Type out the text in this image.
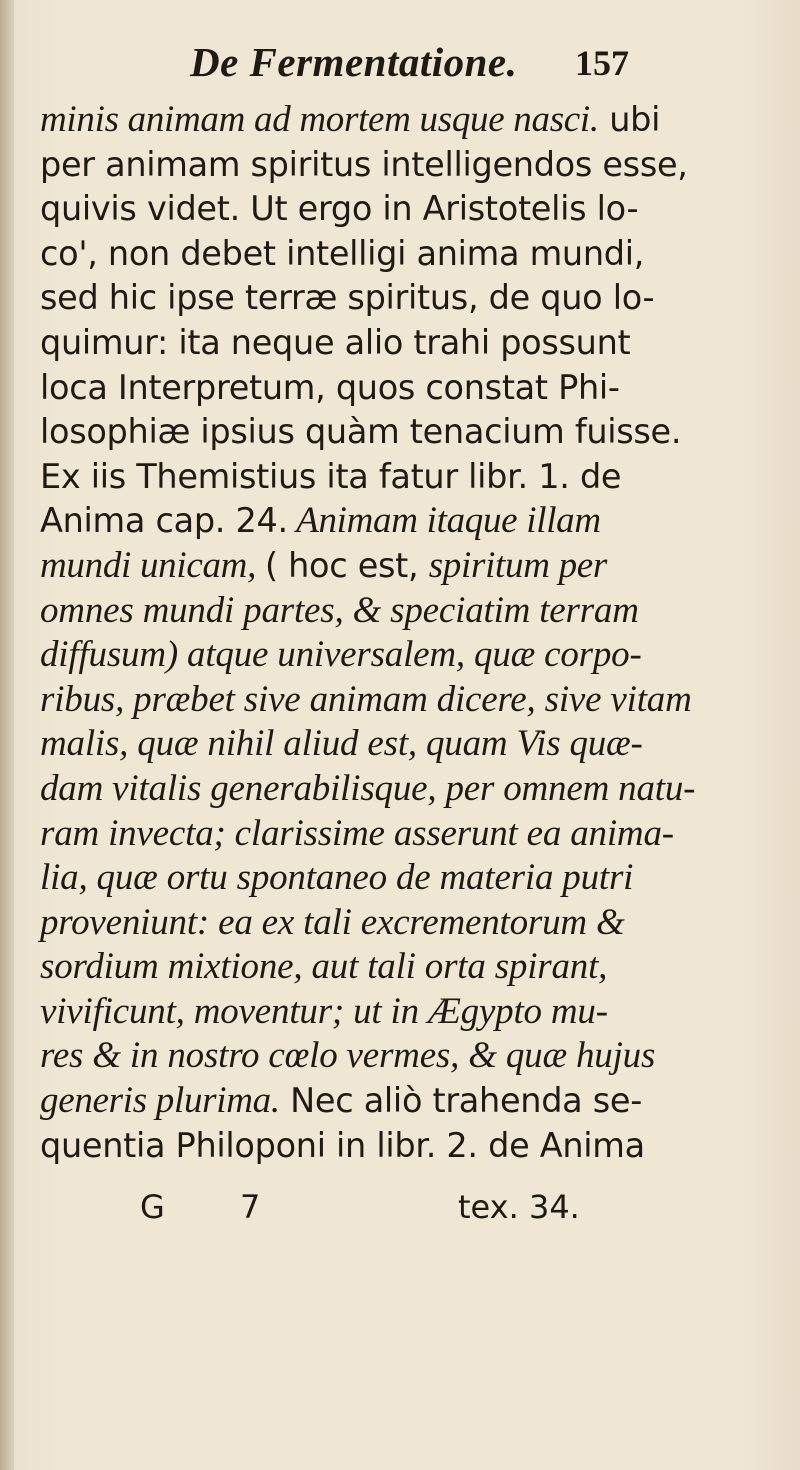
De Fermentatione. 157
minis animam ad mortem usque nasci. ubi
per animam spiritus intelligendos esse,
quivis videt. Ut ergo in Aristotelis lo-
co', non debet intelligi anima mundi,
sed hic ipse terræ spiritus, de quo lo-
quimur: ita neque alio trahi possunt
loca Interpretum, quos constat Phi-
losophiæ ipsius quàm tenacium fuisse.
Ex iis Themistius ita fatur libr. 1. de
Anima cap. 24. Animam itaque illam
mundi unicam, ( hoc est, spiritum per
omnes mundi partes, & speciatim terram
diffusum) atque universalem, quæ corpo-
ribus, præbet sive animam dicere, sive vitam
malis, quæ nihil aliud est, quam Vis quæ-
dam vitalis generabilisque, per omnem natu-
ram invecta; clarissime asserunt ea anima-
lia, quæ ortu spontaneo de materia putri
proveniunt: ea ex tali excrementorum &
sordium mixtione, aut tali orta spirant,
vivificunt, moventur; ut in Ægypto mu-
res & in nostro cœlo vermes, & quæ hujus
generis plurima. Nec aliò trahenda se-
quentia Philoponi in libr. 2. de Anima
G 7	tex. 34.
